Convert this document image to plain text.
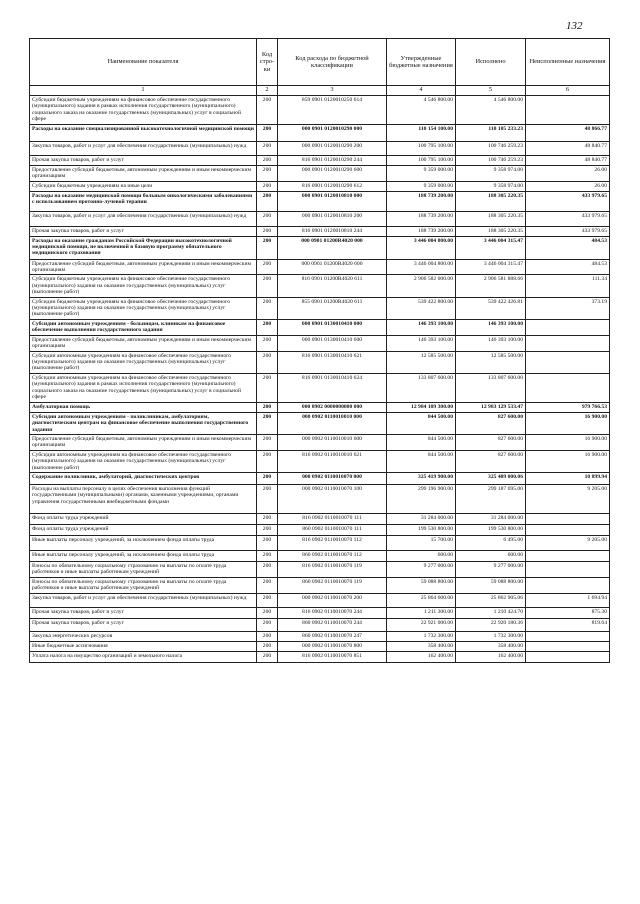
132
Наименование показателя	Код стро-ки	Код расхода по бюджетной классификации	Утвержденные бюджетные назначения	Исполнено	Неисполненные назначения
1	2	3	4	5	6
Субсидии бюджетным учреждениям на финансовое обеспечение государственного (муниципального) задания в рамках исполнения государственного (муниципального) социального заказа на оказание государственных (муниципальных) услуг в социальной сфере	200	859 0901 0120010250 614	4 546 800.00	4 546 800.00	
Расходы на оказание специализированной высокотехнологичной медицинской помощи	200	000 0901 0120010290 000	110 154 100.00	110 105 233.23	48 866.77
Закупка товаров, работ и услуг для обеспечения государственных (муниципальных) нужд	200	000 0901 0120010290 200	100 795 100.00	100 746 259.23	48 840.77
Прочая закупка товаров, работ и услуг	200	816 0901 0120010290 244	100 795 100.00	100 746 259.23	48 840.77
Предоставление субсидий бюджетным, автономным учреждениям и иным некоммерческим организациям	200	000 0901 0120010290 600	9 359 000.00	9 358 974.00	26.00
Субсидии бюджетным учреждениям на иные цели	200	816 0901 0120010290 612	9 359 000.00	9 358 974.00	26.00
Расходы на оказание медицинской помощи больным онкологическими заболеваниями с использованием протонно-лучевой терапии	200	000 0901 0120010810 000	188 739 200.00	188 305 220.35	433 979.65
Закупка товаров, работ и услуг для обеспечения государственных (муниципальных) нужд	200	000 0901 0120010810 200	188 739 200.00	188 305 220.35	433 979.65
Прочая закупка товаров, работ и услуг	200	816 0901 0120010810 244	188 739 200.00	188 305 220.35	433 979.65
Расходы на оказание гражданам Российской Федерации высокотехнологичной медицинской помощи, не включенной в базовую программу обязательного медицинского страхования	200	000 0901 01200R4020 000	3 446 004 800.00	3 446 004 315.47	484.53
Предоставление субсидий бюджетным, автономным учреждениям и иным некоммерческим организациям	200	000 0901 01200R4020 600	3 446 004 800.00	3 446 004 315.47	484.53
Субсидии бюджетным учреждениям на финансовое обеспечение государственного (муниципального) задания на оказание государственных (муниципальных) услуг (выполнение работ)	200	816 0901 01200R4020 611	2 906 582 000.00	2 906 581 888.66	111.34
Субсидии бюджетным учреждениям на финансовое обеспечение государственного (муниципального) задания на оказание государственных (муниципальных) услуг (выполнение работ)	200	855 0901 01200R4020 611	539 422 800.00	539 422 426.81	373.19
Субсидии автономным учреждениям - больницам, клиникам на финансовое обеспечение выполнения государственного задания	200	000 0901 0130010410 000	146 393 100.00	146 393 100.00	
Предоставление субсидий бюджетным, автономным учреждениям и иным некоммерческим организациям	200	000 0901 0130010410 600	146 393 100.00	146 393 100.00	
Субсидии автономным учреждениям на финансовое обеспечение государственного (муниципального) задания на оказание государственных (муниципальных) услуг (выполнение работ)	200	816 0901 0130010410 621	12 585 500.00	12 585 500.00	
Субсидии автономным учреждениям на финансовое обеспечение государственного (муниципального) задания в рамках исполнения государственного (муниципального) социального заказа на оказание государственных (муниципальных) услуг в социальной сфере	200	816 0901 0130010410 624	133 807 600.00	133 807 600.00	
Амбулаторная помощь	200	000 0902 0000000000 000	12 984 109 300.00	12 983 129 533.47	979 766.53
Субсидии автономным учреждениям - поликлиникам, амбулаториям, диагностическим центрам на финансовое обеспечение выполнения государственного задания	200	000 0902 0110010010 000	844 500.00	827 600.00	16 900.00
Предоставление субсидий бюджетным, автономным учреждениям и иным некоммерческим организациям	200	000 0902 0110010010 600	844 500.00	827 600.00	16 900.00
Субсидии автономным учреждениям на финансовое обеспечение государственного (муниципального) задания на оказание государственных (муниципальных) услуг (выполнение работ)	200	816 0902 0110010010 621	844 500.00	827 600.00	16 900.00
Содержание поликлиник, амбулаторий, диагностических центров	200	000 0902 0110010070 000	325 419 900.00	325 409 000.06	10 899.94
Расходы на выплаты персоналу в целях обеспечения выполнения функций государственными (муниципальными) органами, казенными учреждениями, органами управления государственными внебюджетными фондами	200	000 0902 0110010070 100	299 196 900.00	299 187 695.00	9 205.00
Фонд оплаты труда учреждений	200	816 0902 0110010070 111	31 284 000.00	31 284 000.00	
Фонд оплаты труда учреждений	200	860 0902 0110010070 111	199 530 800.00	199 530 800.00	
Иные выплаты персоналу учреждений, за исключением фонда оплаты труда	200	816 0902 0110010070 112	15 700.00	6 495.00	9 205.00
Иные выплаты персоналу учреждений, за исключением фонда оплаты труда	200	860 0902 0110010070 112	600.00	600.00	
Взносы по обязательному социальному страхованию на выплаты по оплате труда работников и иные выплаты работникам учреждений	200	816 0902 0110010070 119	9 277 000.00	9 277 000.00	
Взносы по обязательному социальному страхованию на выплаты по оплате труда работников и иные выплаты работникам учреждений	200	860 0902 0110010070 119	59 088 800.00	59 088 800.00	
Закупка товаров, работ и услуг для обеспечения государственных (муниципальных) нужд	200	000 0902 0110010070 200	25 864 600.00	25 862 905.06	1 694.94
Прочая закупка товаров, работ и услуг	200	816 0902 0110010070 244	1 211 300.00	1 210 424.70	875.30
Прочая закупка товаров, работ и услуг	200	860 0902 0110010070 244	22 921 000.00	22 920 180.36	819.64
Закупка энергетических ресурсов	200	860 0902 0110010070 247	1 732 300.00	1 732 300.00	
Иные бюджетные ассигнования	200	000 0902 0110010070 800	358 400.00	358 400.00	
Уплата налога на имущество организаций и земельного налога	200	816 0902 0110010070 851	162 400.00	162 400.00	
